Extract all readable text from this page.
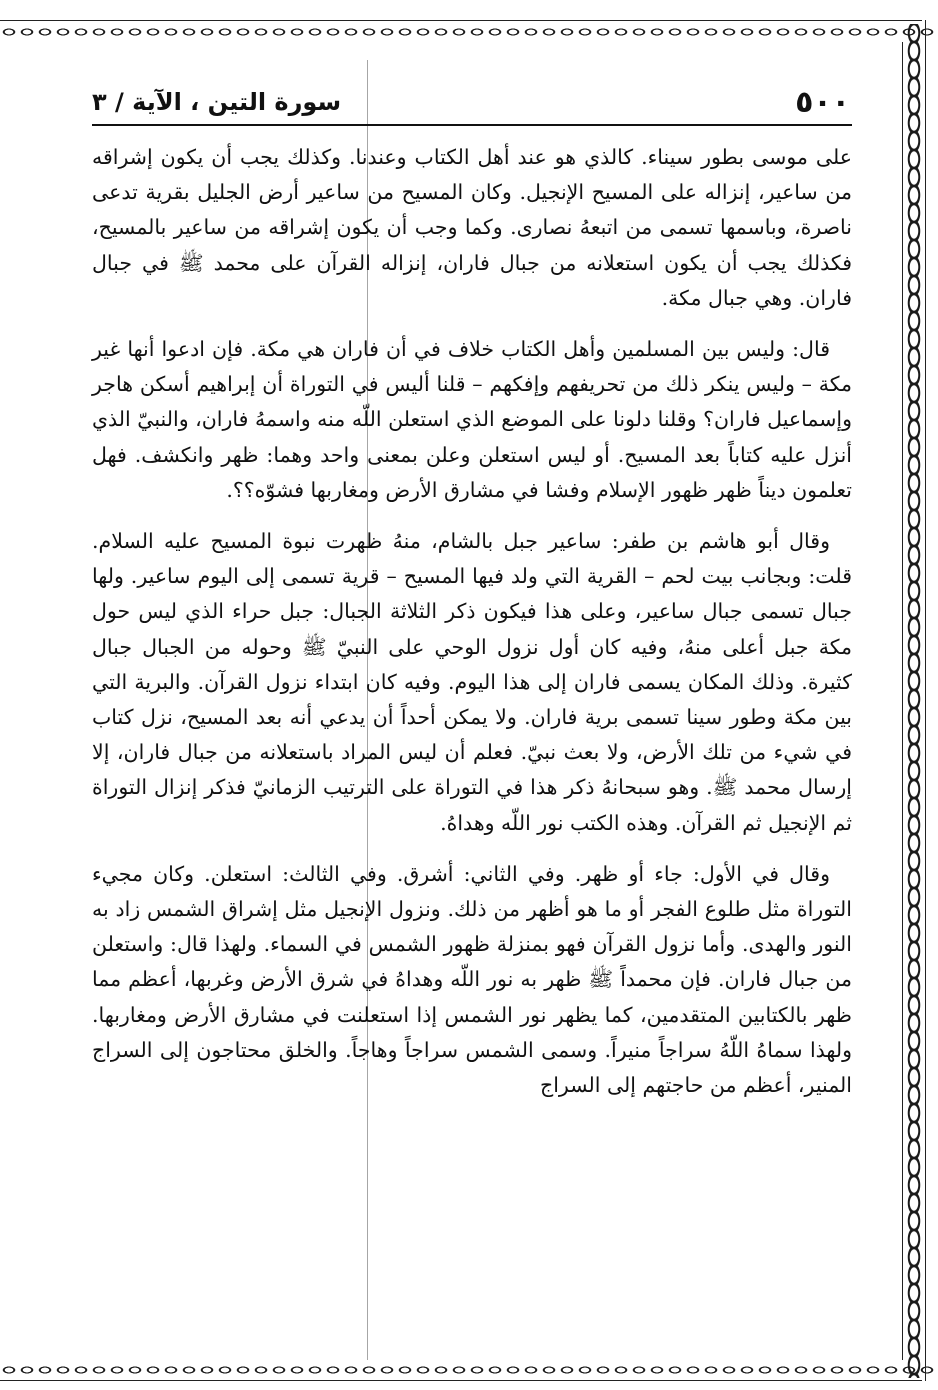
٥٠٠
سورة التين ، الآية / ٣

على موسى بطور سيناء. كالذي هو عند أهل الكتاب وعندنا. وكذلك يجب أن يكون إشراقه من ساعير، إنزاله على المسيح الإنجيل. وكان المسيح من ساعير أرض الجليل بقرية تدعى ناصرة، وباسمها تسمى من اتبعهُ نصارى. وكما وجب أن يكون إشراقه من ساعير بالمسيح، فكذلك يجب أن يكون استعلانه من جبال فاران، إنزاله القرآن على محمد ﷺ في جبال فاران. وهي جبال مكة.

قال: وليس بين المسلمين وأهل الكتاب خلاف في أن فاران هي مكة. فإن ادعوا أنها غير مكة – وليس ينكر ذلك من تحريفهم وإفكهم – قلنا أليس في التوراة أن إبراهيم أسكن هاجر وإسماعيل فاران؟ وقلنا دلونا على الموضع الذي استعلن اللّه منه واسمهُ فاران، والنبيّ الذي أنزل عليه كتاباً بعد المسيح. أو ليس استعلن وعلن بمعنى واحد وهما: ظهر وانكشف. فهل تعلمون ديناً ظهر ظهور الإسلام وفشا في مشارق الأرض ومغاربها فشوّه؟؟.

وقال أبو هاشم بن طفر: ساعير جبل بالشام، منهُ ظهرت نبوة المسيح عليه السلام. قلت: وبجانب بيت لحم – القرية التي ولد فيها المسيح – قرية تسمى إلى اليوم ساعير. ولها جبال تسمى جبال ساعير، وعلى هذا فيكون ذكر الثلاثة الجبال: جبل حراء الذي ليس حول مكة جبل أعلى منهُ، وفيه كان أول نزول الوحي على النبيّ ﷺ وحوله من الجبال جبال كثيرة. وذلك المكان يسمى فاران إلى هذا اليوم. وفيه كان ابتداء نزول القرآن. والبرية التي بين مكة وطور سينا تسمى برية فاران. ولا يمكن أحداً أن يدعي أنه بعد المسيح، نزل كتاب في شيء من تلك الأرض، ولا بعث نبيّ. فعلم أن ليس المراد باستعلانه من جبال فاران، إلا إرسال محمد ﷺ. وهو سبحانهُ ذكر هذا في التوراة على الترتيب الزمانيّ فذكر إنزال التوراة ثم الإنجيل ثم القرآن. وهذه الكتب نور اللّه وهداهُ.

وقال في الأول: جاء أو ظهر. وفي الثاني: أشرق. وفي الثالث: استعلن. وكان مجيء التوراة مثل طلوع الفجر أو ما هو أظهر من ذلك. ونزول الإنجيل مثل إشراق الشمس زاد به النور والهدى. وأما نزول القرآن فهو بمنزلة ظهور الشمس في السماء. ولهذا قال: واستعلن من جبال فاران. فإن محمداً ﷺ ظهر به نور اللّه وهداهُ في شرق الأرض وغربها، أعظم مما ظهر بالكتابين المتقدمين، كما يظهر نور الشمس إذا استعلنت في مشارق الأرض ومغاربها. ولهذا سماهُ اللّهُ سراجاً منيراً. وسمى الشمس سراجاً وهاجاً. والخلق محتاجون إلى السراج المنير، أعظم من حاجتهم إلى السراج
